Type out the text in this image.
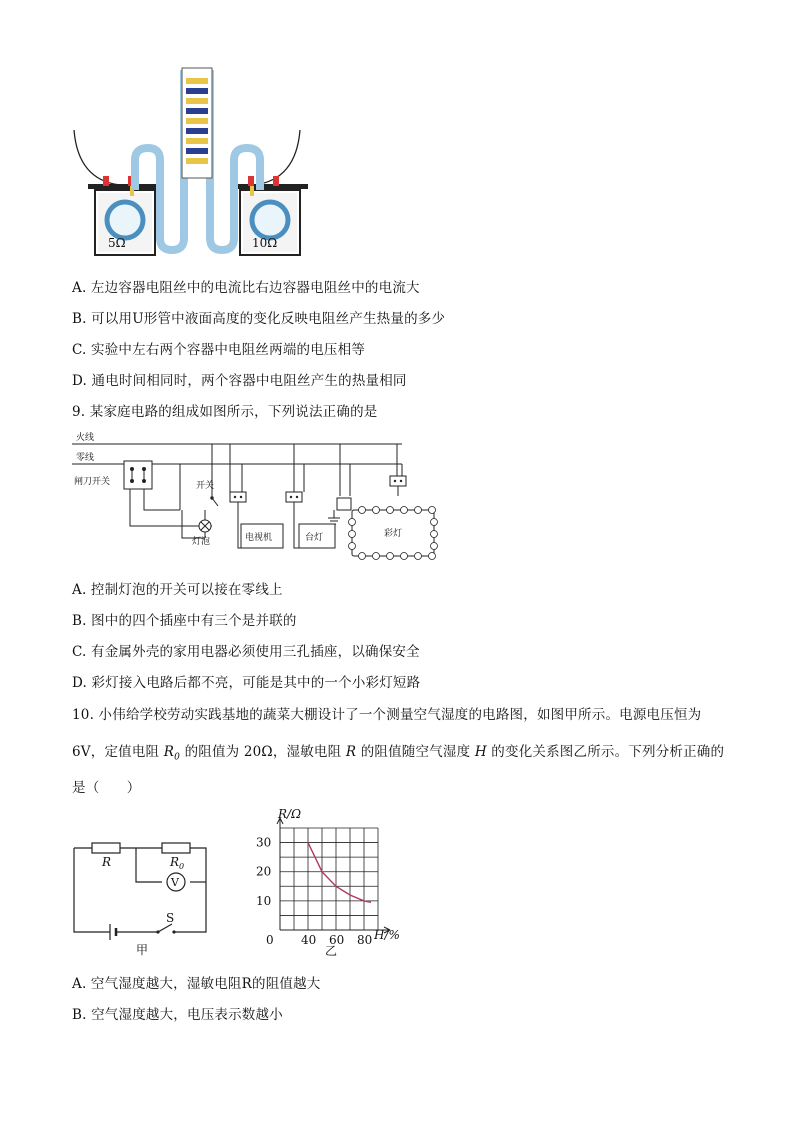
5Ω	10Ω
A. 左边容器电阻丝中的电流比右边容器电阻丝中的电流大
B. 可以用U形管中液面高度的变化反映电阻丝产生热量的多少
C. 实验中左右两个容器中电阻丝两端的电压相等
D. 通电时间相同时，两个容器中电阻丝产生的热量相同
9. 某家庭电路的组成如图所示，下列说法正确的是
火线
零线
闸刀开关	开关
灯泡	电视机	台灯	彩灯
A. 控制灯泡的开关可以接在零线上
B. 图中的四个插座中有三个是并联的
C. 有金属外壳的家用电器必须使用三孔插座，以确保安全
D. 彩灯接入电路后都不亮，可能是其中的一个小彩灯短路
10. 小伟给学校劳动实践基地的蔬菜大棚设计了一个测量空气湿度的电路图，如图甲所示。电源电压恒为
6V，定值电阻 $R_0$ 的阻值为 20Ω，湿敏电阻 R 的阻值随空气湿度 H 的变化关系图乙所示。下列分析正确的
是（　　）
R	$R_0$
V
S
甲
0 40 60 80
10
20
30
R/Ω
H/%
乙
A. 空气湿度越大，湿敏电阻R的阻值越大
B. 空气湿度越大，电压表示数越小
